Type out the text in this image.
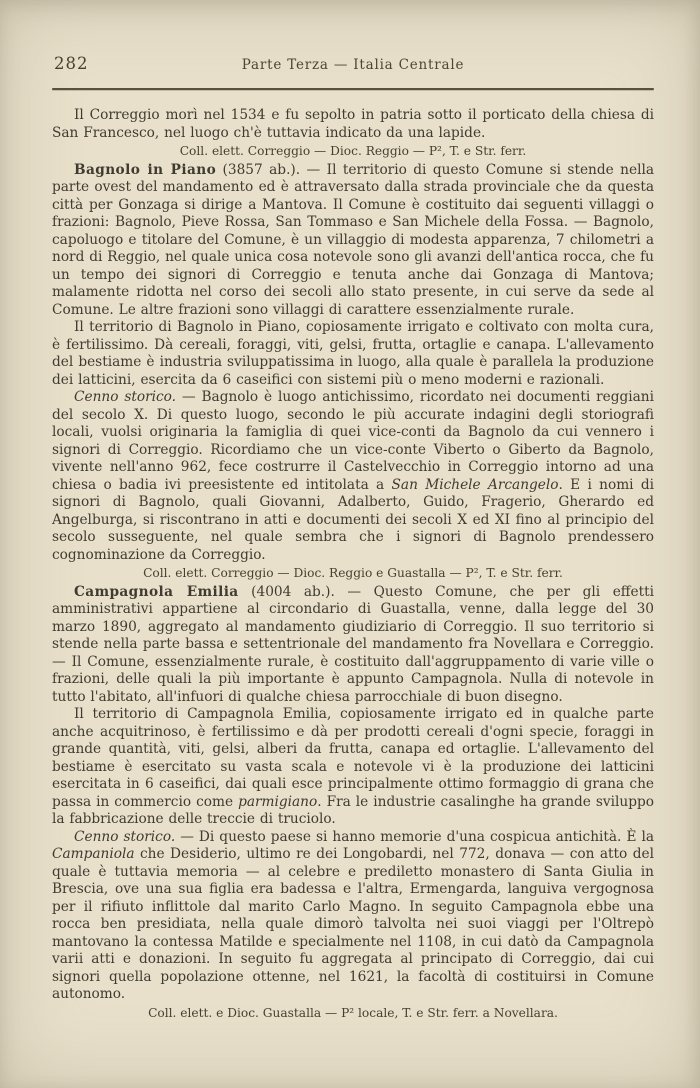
282	Parte Terza — Italia Centrale

Il Correggio morì nel 1534 e fu sepolto in patria sotto il porticato della chiesa di San Francesco, nel luogo ch'è tuttavia indicato da una lapide.

Coll. elett. Correggio — Dioc. Reggio — P², T. e Str. ferr.

Bagnolo in Piano (3857 ab.). — Il territorio di questo Comune si stende nella parte ovest del mandamento ed è attraversato dalla strada provinciale che da questa città per Gonzaga si dirige a Mantova. Il Comune è costituito dai seguenti villaggi o frazioni: Bagnolo, Pieve Rossa, San Tommaso e San Michele della Fossa. — Bagnolo, capoluogo e titolare del Comune, è un villaggio di modesta apparenza, 7 chilometri a nord di Reggio, nel quale unica cosa notevole sono gli avanzi dell'antica rocca, che fu un tempo dei signori di Correggio e tenuta anche dai Gonzaga di Mantova; malamente ridotta nel corso dei secoli allo stato presente, in cui serve da sede al Comune. Le altre frazioni sono villaggi di carattere essenzialmente rurale.

Il territorio di Bagnolo in Piano, copiosamente irrigato e coltivato con molta cura, è fertilissimo. Dà cereali, foraggi, viti, gelsi, frutta, ortaglie e canapa. L'allevamento del bestiame è industria sviluppatissima in luogo, alla quale è parallela la produzione dei latticini, esercita da 6 caseifici con sistemi più o meno moderni e razionali.

Cenno storico. — Bagnolo è luogo antichissimo, ricordato nei documenti reggiani del secolo X. Di questo luogo, secondo le più accurate indagini degli storiografi locali, vuolsi originaria la famiglia di quei vice-conti da Bagnolo da cui vennero i signori di Correggio. Ricordiamo che un vice-conte Viberto o Giberto da Bagnolo, vivente nell'anno 962, fece costrurre il Castelvecchio in Correggio intorno ad una chiesa o badia ivi preesistente ed intitolata a San Michele Arcangelo. E i nomi di signori di Bagnolo, quali Giovanni, Adalberto, Guido, Fragerio, Gherardo ed Angelburga, si riscontrano in atti e documenti dei secoli X ed XI fino al principio del secolo susseguente, nel quale sembra che i signori di Bagnolo prendessero cognominazione da Correggio.

Coll. elett. Correggio — Dioc. Reggio e Guastalla — P², T. e Str. ferr.

Campagnola Emilia (4004 ab.). — Questo Comune, che per gli effetti amministrativi appartiene al circondario di Guastalla, venne, dalla legge del 30 marzo 1890, aggregato al mandamento giudiziario di Correggio. Il suo territorio si stende nella parte bassa e settentrionale del mandamento fra Novellara e Correggio. — Il Comune, essenzialmente rurale, è costituito dall'aggruppamento di varie ville o frazioni, delle quali la più importante è appunto Campagnola. Nulla di notevole in tutto l'abitato, all'infuori di qualche chiesa parrocchiale di buon disegno.

Il territorio di Campagnola Emilia, copiosamente irrigato ed in qualche parte anche acquitrinoso, è fertilissimo e dà per prodotti cereali d'ogni specie, foraggi in grande quantità, viti, gelsi, alberi da frutta, canapa ed ortaglie. L'allevamento del bestiame è esercitato su vasta scala e notevole vi è la produzione dei latticini esercitata in 6 caseifici, dai quali esce principalmente ottimo formaggio di grana che passa in commercio come parmigiano. Fra le industrie casalinghe ha grande sviluppo la fabbricazione delle treccie di truciolo.

Cenno storico. — Di questo paese si hanno memorie d'una cospicua antichità. È la Campaniola che Desiderio, ultimo re dei Longobardi, nel 772, donava — con atto del quale è tuttavia memoria — al celebre e prediletto monastero di Santa Giulia in Brescia, ove una sua figlia era badessa e l'altra, Ermengarda, languiva vergognosa per il rifiuto inflittole dal marito Carlo Magno. In seguito Campagnola ebbe una rocca ben presidiata, nella quale dimorò talvolta nei suoi viaggi per l'Oltrepò mantovano la contessa Matilde e specialmente nel 1108, in cui datò da Campagnola varii atti e donazioni. In seguito fu aggregata al principato di Correggio, dai cui signori quella popolazione ottenne, nel 1621, la facoltà di costituirsi in Comune autonomo.

Coll. elett. e Dioc. Guastalla — P² locale, T. e Str. ferr. a Novellara.
